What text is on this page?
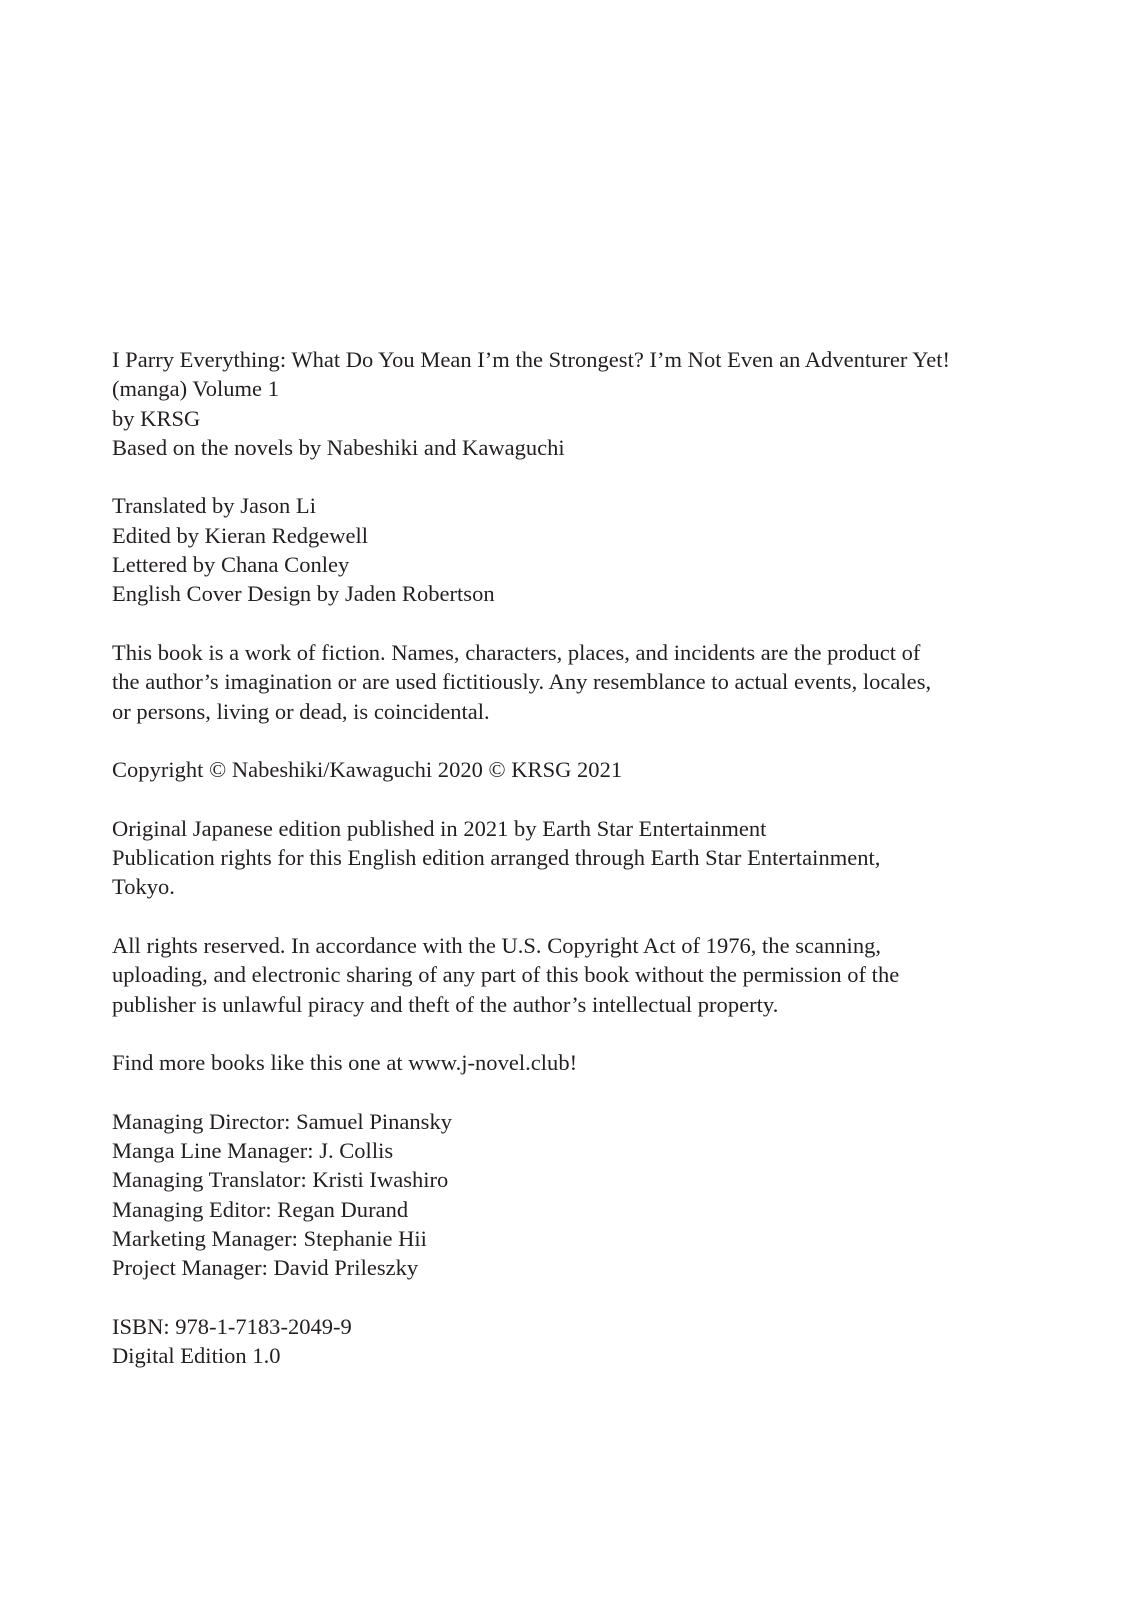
I Parry Everything: What Do You Mean I’m the Strongest? I’m Not Even an Adventurer Yet!
(manga) Volume 1
by KRSG
Based on the novels by Nabeshiki and Kawaguchi
Translated by Jason Li
Edited by Kieran Redgewell
Lettered by Chana Conley
English Cover Design by Jaden Robertson
This book is a work of fiction. Names, characters, places, and incidents are the product of
the author’s imagination or are used fictitiously. Any resemblance to actual events, locales,
or persons, living or dead, is coincidental.
Copyright © Nabeshiki/Kawaguchi 2020 © KRSG 2021
Original Japanese edition published in 2021 by Earth Star Entertainment
Publication rights for this English edition arranged through Earth Star Entertainment,
Tokyo.
All rights reserved. In accordance with the U.S. Copyright Act of 1976, the scanning,
uploading, and electronic sharing of any part of this book without the permission of the
publisher is unlawful piracy and theft of the author’s intellectual property.
Find more books like this one at www.j-novel.club!
Managing Director: Samuel Pinansky
Manga Line Manager: J. Collis
Managing Translator: Kristi Iwashiro
Managing Editor: Regan Durand
Marketing Manager: Stephanie Hii
Project Manager: David Prileszky
ISBN: 978-1-7183-2049-9
Digital Edition 1.0
